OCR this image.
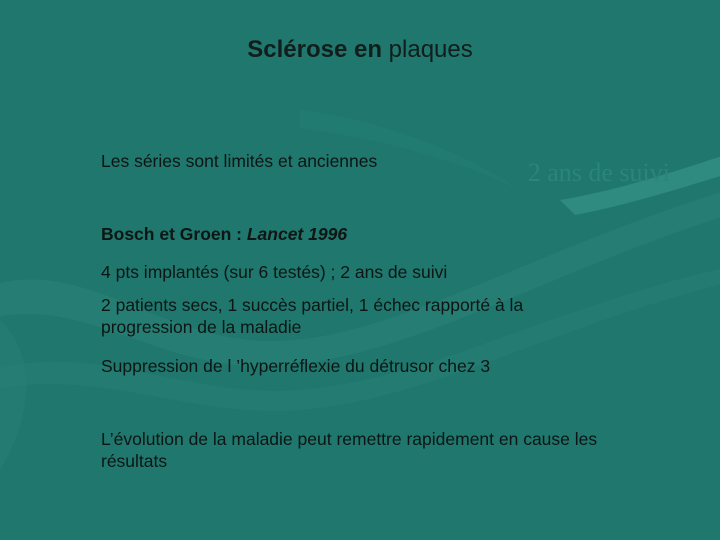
Sclérose en plaques
2 ans de suivi
Les séries sont limités et anciennes
Bosch et Groen : Lancet 1996
4 pts implantés (sur 6 testés) ; 2 ans de suivi
2 patients secs, 1 succès partiel, 1 échec rapporté à la progression de la maladie
Suppression de l ’hyperréflexie du détrusor chez 3
L’évolution de la maladie peut remettre rapidement en cause les résultats
